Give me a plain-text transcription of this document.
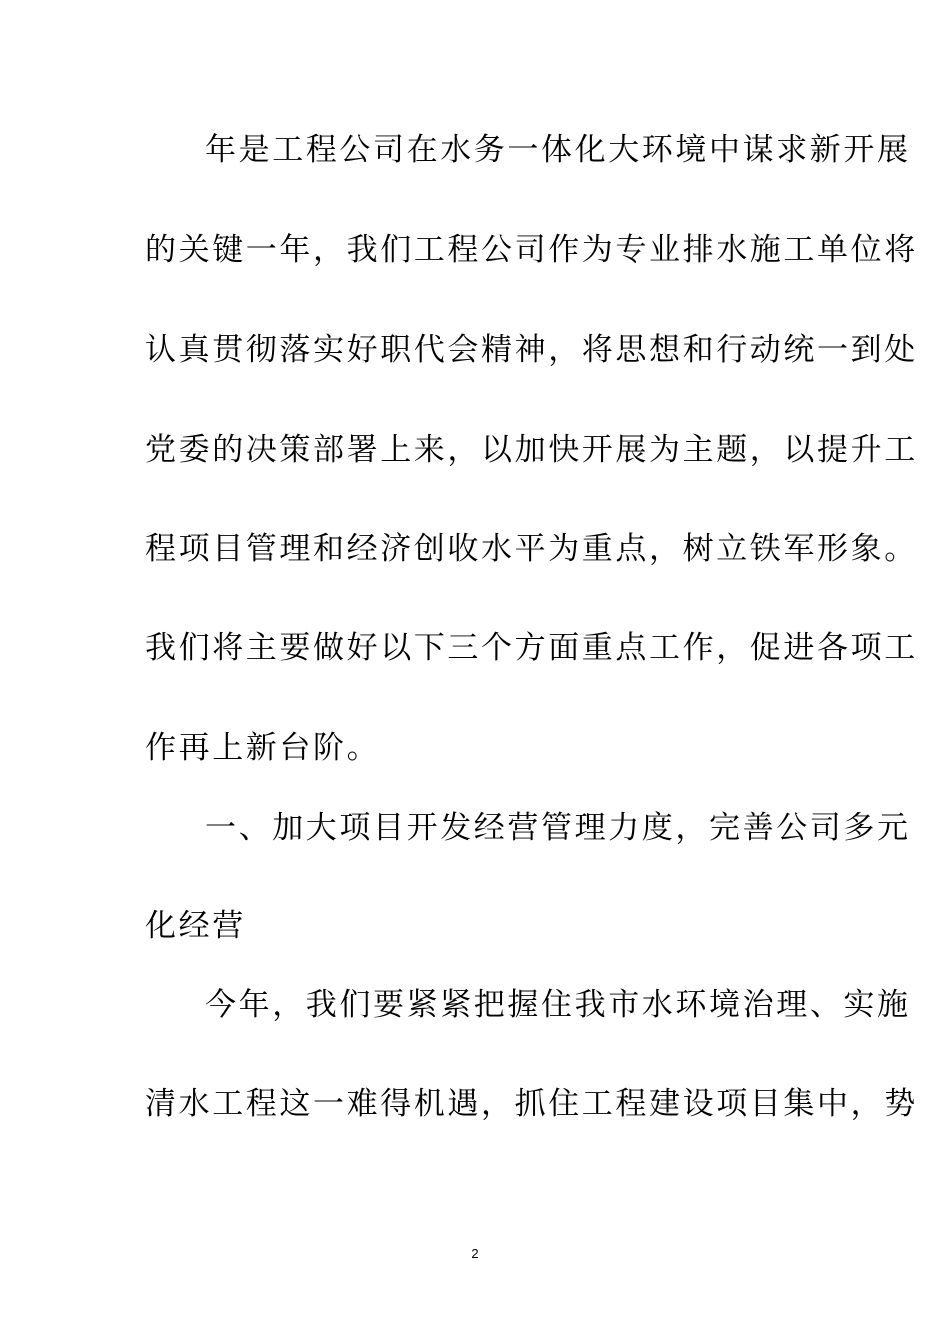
年是工程公司在水务一体化大环境中谋求新开展
的关键一年，我们工程公司作为专业排水施工单位将
认真贯彻落实好职代会精神，将思想和行动统一到处
党委的决策部署上来，以加快开展为主题，以提升工
程项目管理和经济创收水平为重点，树立铁军形象。
我们将主要做好以下三个方面重点工作，促进各项工
作再上新台阶。
一、加大项目开发经营管理力度，完善公司多元
化经营
今年，我们要紧紧把握住我市水环境治理、实施
清水工程这一难得机遇，抓住工程建设项目集中，势
2
